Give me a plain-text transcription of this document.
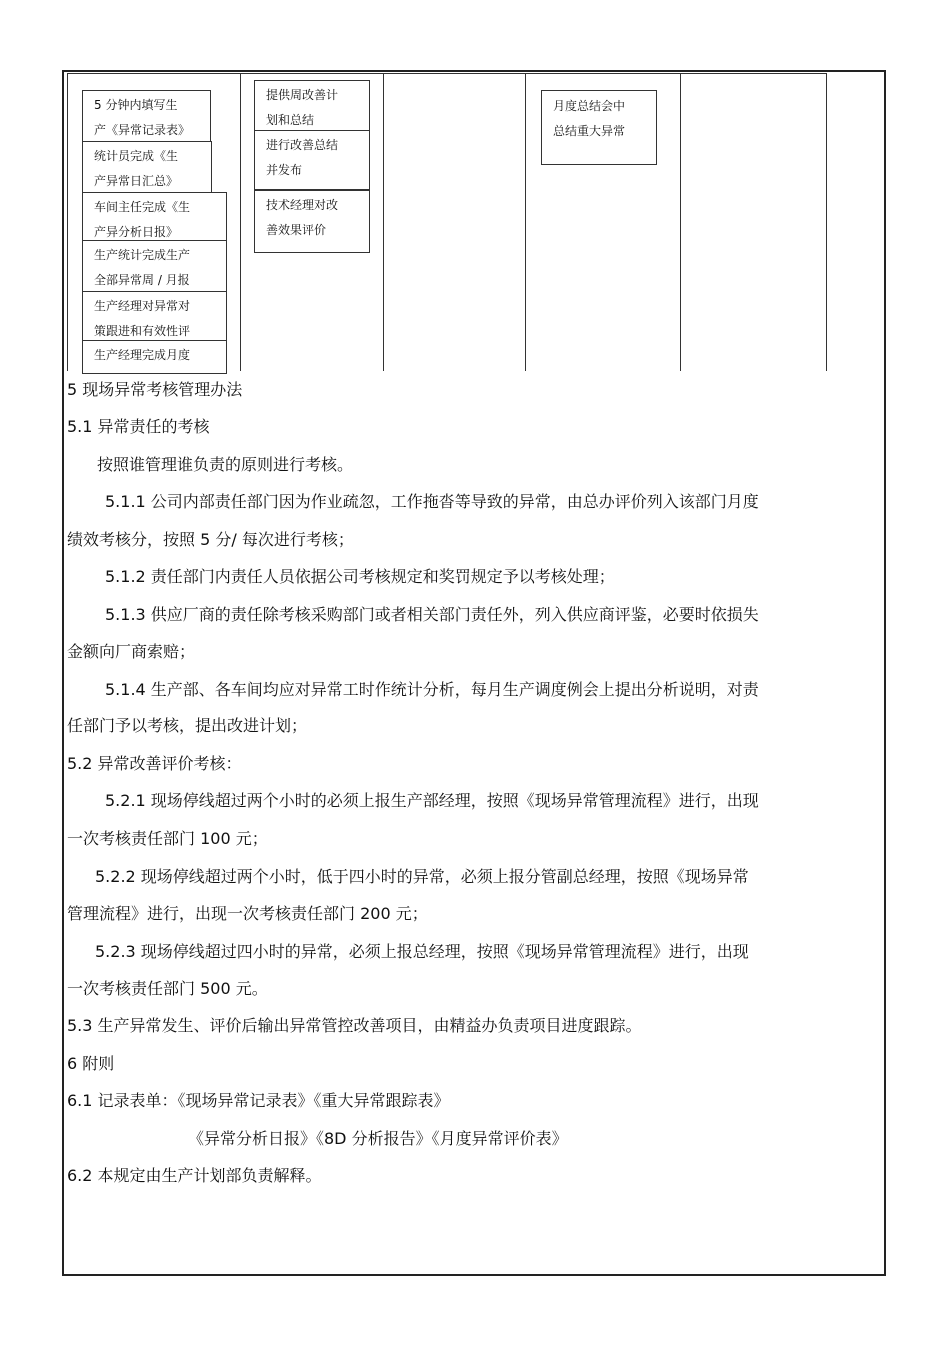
5 分钟内填写生
产《异常记录表》
统计员完成《生
产异常日汇总》
车间主任完成《生
产异分析日报》
生产统计完成生产
全部异常周 / 月报
生产经理对异常对
策跟进和有效性评
生产经理完成月度
提供周改善计
划和总结
进行改善总结
并发布
技术经理对改
善效果评价
月度总结会中
总结重大异常
5 现场异常考核管理办法
5.1 异常责任的考核
按照谁管理谁负责的原则进行考核。
5.1.1 公司内部责任部门因为作业疏忽，工作拖沓等导致的异常，由总办评价列入该部门月度
绩效考核分，按照 5 分/ 每次进行考核；
5.1.2 责任部门内责任人员依据公司考核规定和奖罚规定予以考核处理；
5.1.3 供应厂商的责任除考核采购部门或者相关部门责任外，列入供应商评鉴，必要时依损失
金额向厂商索赔；
5.1.4 生产部、各车间均应对异常工时作统计分析，每月生产调度例会上提出分析说明，对责
任部门予以考核，提出改进计划；
5.2 异常改善评价考核：
5.2.1 现场停线超过两个小时的必须上报生产部经理，按照《现场异常管理流程》进行，出现
一次考核责任部门 100 元；
5.2.2 现场停线超过两个小时，低于四小时的异常，必须上报分管副总经理，按照《现场异常
管理流程》进行，出现一次考核责任部门 200 元；
5.2.3 现场停线超过四小时的异常，必须上报总经理，按照《现场异常管理流程》进行，出现
一次考核责任部门 500 元。
5.3 生产异常发生、评价后输出异常管控改善项目，由精益办负责项目进度跟踪。
6 附则
6.1 记录表单：《现场异常记录表》《重大异常跟踪表》
《异常分析日报》《8D 分析报告》《月度异常评价表》
6.2 本规定由生产计划部负责解释。
